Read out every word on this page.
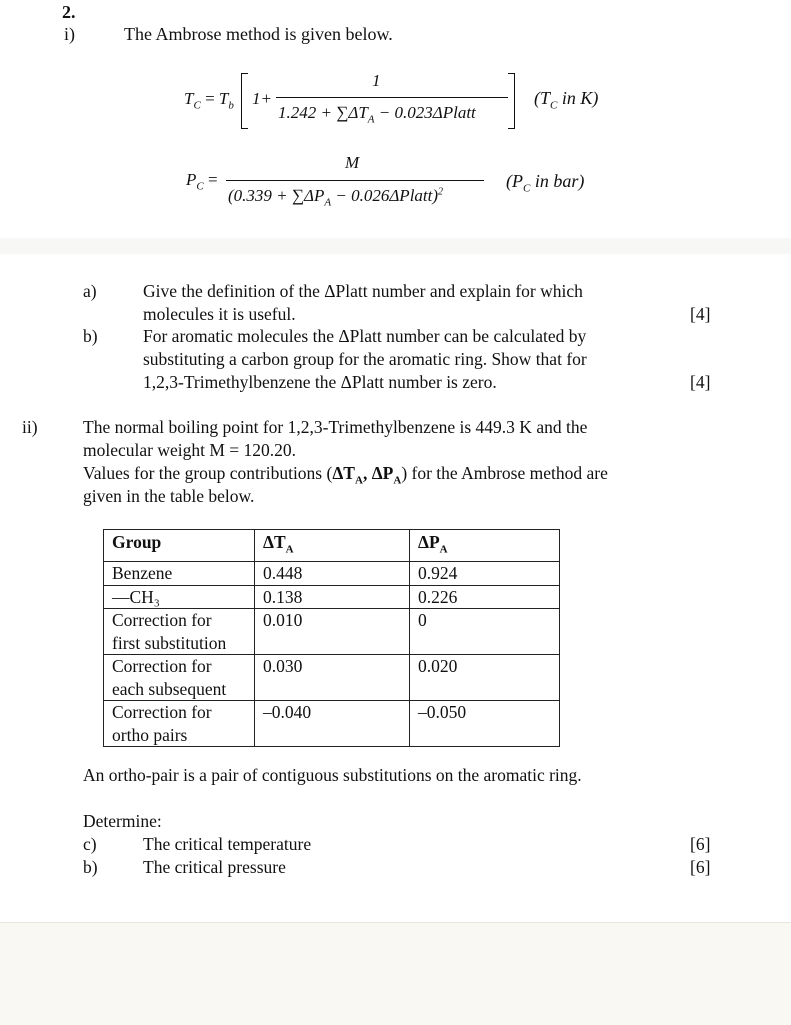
2.
i)	The Ambrose method is given below.
$T_C = T_b$ 1+
1
$1.242 + \sum\Delta T_A$ − 0.023ΔPlatt
($T_C$ in K)
$P_C$ =
M
($0.339 + \sum\Delta P_A$ − 0.026ΔPlatt)$^2$
($P_C$ in bar)
a)	Give the definition of the ΔPlatt number and explain for which
molecules it is useful.	[4]
b)	For aromatic molecules the ΔPlatt number can be calculated by
substituting a carbon group for the aromatic ring. Show that for
1,2,3-Trimethylbenzene the ΔPlatt number is zero.	[4]
ii)	The normal boiling point for 1,2,3-Trimethylbenzene is 449.3 K and the
molecular weight M = 120.20.
Values for the group contributions ($\Delta T_A$, $\Delta P_A$) for the Ambrose method are
given in the table below.
Group	$\Delta T_A$	$\Delta P_A$
Benzene	0.448	0.924
—CH₃	0.138	0.226

Correction for
first substitution	0.010	0

Correction for
each subsequent	0.030	0.020

Correction for
ortho pairs	–0.040	–0.050
An ortho-pair is a pair of contiguous substitutions on the aromatic ring.
Determine:
c)	The critical temperature	[6]
b)	The critical pressure	[6]
